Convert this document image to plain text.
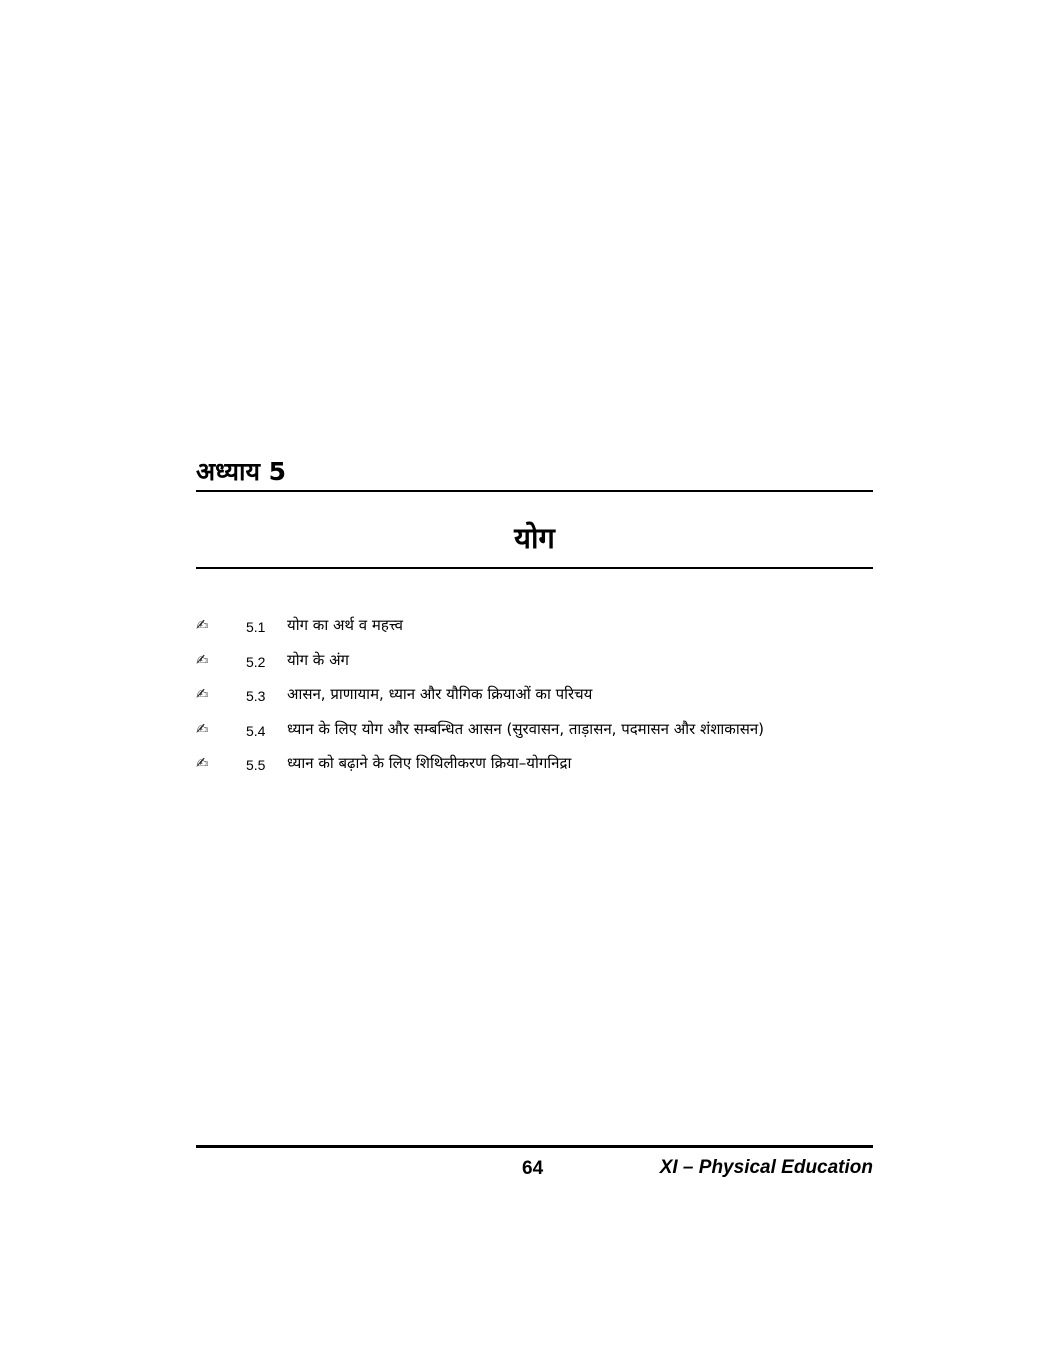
अध्याय 5
योग
✍	5.1	योग का अर्थ व महत्त्व
✍	5.2	योग के अंग
✍	5.3	आसन, प्राणायाम, ध्यान और यौगिक क्रियाओं का परिचय
✍	5.4	ध्यान के लिए योग और सम्बन्धित आसन (सुरवासन, ताड़ासन, पदमासन और शंशाकासन)
✍	5.5	ध्यान को बढ़ाने के लिए शिथिलीकरण क्रिया–योगनिद्रा
64	XI – Physical Education
